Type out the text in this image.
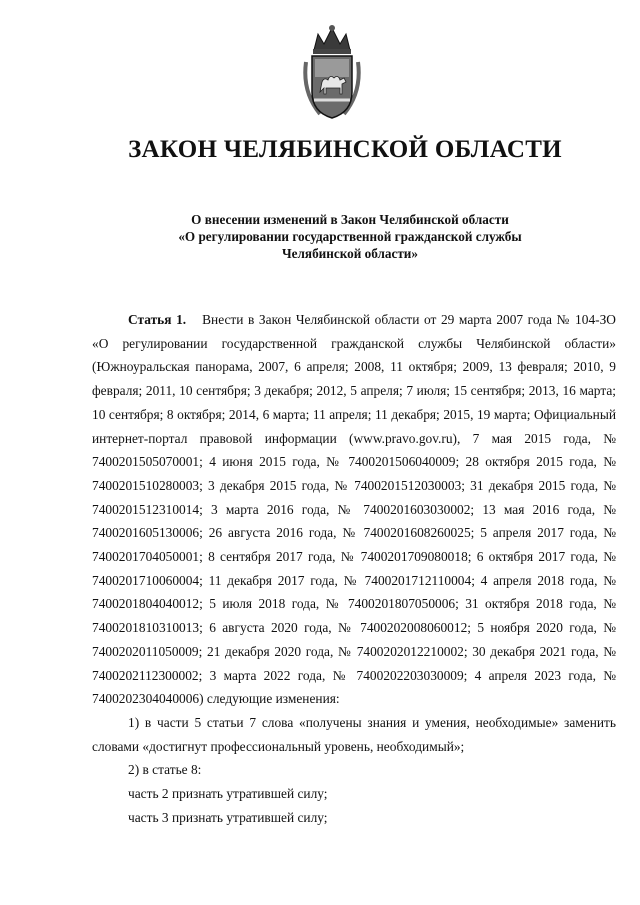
ЗАКОН ЧЕЛЯБИНСКОЙ ОБЛАСТИ
О внесении изменений в Закон Челябинской области
«О регулировании государственной гражданской службы
Челябинской области»

Статья 1. Внести в Закон Челябинской области от 29 марта 2007 года № 104-ЗО «О регулировании государственной гражданской службы Челябинской области» (Южноуральская панорама, 2007, 6 апреля; 2008, 11 октября; 2009, 13 февраля; 2010, 9 февраля; 2011, 10 сентября; 3 декабря; 2012, 5 апреля; 7 июля; 15 сентября; 2013, 16 марта; 10 сентября; 8 октября; 2014, 6 марта; 11 апреля; 11 декабря; 2015, 19 марта; Официальный интернет-портал правовой информации (www.pravo.gov.ru), 7 мая 2015 года, № 7400201505070001; 4 июня 2015 года, № 7400201506040009; 28 октября 2015 года, № 7400201510280003; 3 декабря 2015 года, № 7400201512030003; 31 декабря 2015 года, № 7400201512310014; 3 марта 2016 года, № 7400201603030002; 13 мая 2016 года, № 7400201605130006; 26 августа 2016 года, № 7400201608260025; 5 апреля 2017 года, № 7400201704050001; 8 сентября 2017 года, № 7400201709080018; 6 октября 2017 года, № 7400201710060004; 11 декабря 2017 года, № 7400201712110004; 4 апреля 2018 года, № 7400201804040012; 5 июля 2018 года, № 7400201807050006; 31 октября 2018 года, № 7400201810310013; 6 августа 2020 года, № 7400202008060012; 5 ноября 2020 года, № 7400202011050009; 21 декабря 2020 года, № 7400202012210002; 30 декабря 2021 года, № 7400202112300002; 3 марта 2022 года, № 7400202203030009; 4 апреля 2023 года, № 7400202304040006) следующие изменения:

1) в части 5 статьи 7 слова «получены знания и умения, необходимые» заменить словами «достигнут профессиональный уровень, необходимый»;

2) в статье 8:

часть 2 признать утратившей силу;

часть 3 признать утратившей силу;
